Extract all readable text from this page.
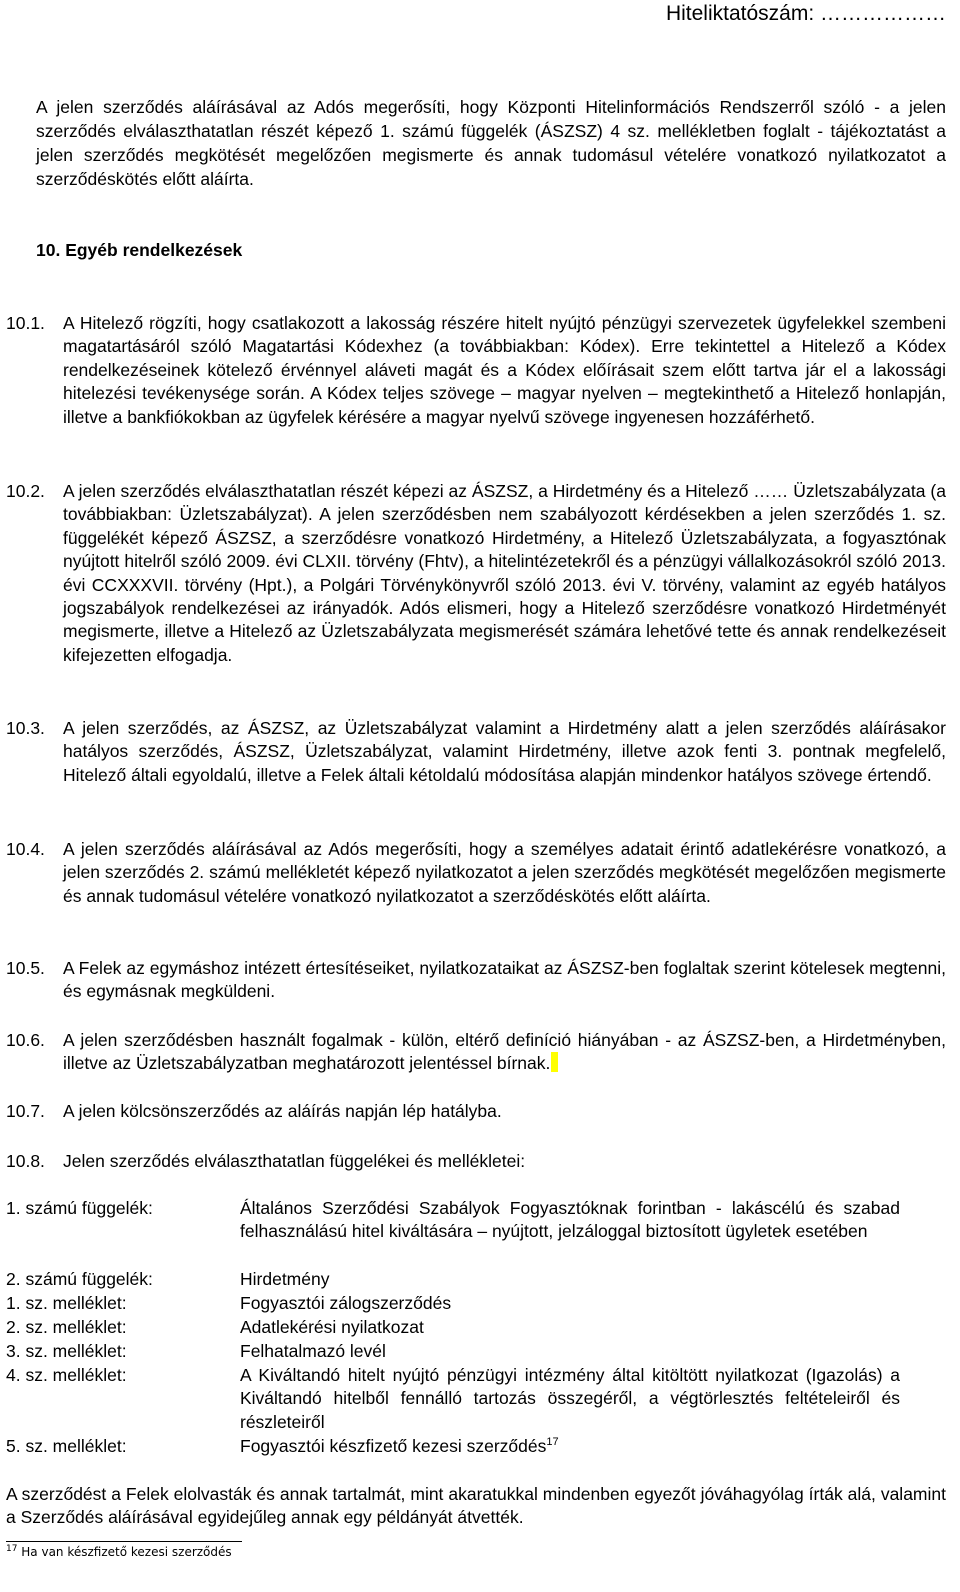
Hiteliktatószám: ………………
A jelen szerződés aláírásával az Adós megerősíti, hogy Központi Hitelinformációs Rendszerről szóló - a jelen szerződés elválaszthatatlan részét képező 1. számú függelék (ÁSZSZ) 4 sz. mellékletben foglalt - tájékoztatást a jelen szerződés megkötését megelőzően megismerte és annak tudomásul vételére vonatkozó nyilatkozatot a szerződéskötés előtt aláírta.
10. Egyéb rendelkezések
10.1.	A Hitelező rögzíti, hogy csatlakozott a lakosság részére hitelt nyújtó pénzügyi szervezetek ügyfelekkel szembeni magatartásáról szóló Magatartási Kódexhez (a továbbiakban: Kódex). Erre tekintettel a Hitelező a Kódex rendelkezéseinek kötelező érvénnyel aláveti magát és a Kódex előírásait szem előtt tartva jár el a lakossági hitelezési tevékenysége során. A Kódex teljes szövege – magyar nyelven – megtekinthető a Hitelező honlapján, illetve a bankfiókokban az ügyfelek kérésére a magyar nyelvű szövege ingyenesen hozzáférhető.
10.2.	A jelen szerződés elválaszthatatlan részét képezi az ÁSZSZ, a Hirdetmény és a Hitelező …… Üzletszabályzata (a továbbiakban: Üzletszabályzat). A jelen szerződésben nem szabályozott kérdésekben a jelen szerződés 1. sz. függelékét képező ÁSZSZ, a szerződésre vonatkozó Hirdetmény, a Hitelező Üzletszabályzata, a fogyasztónak nyújtott hitelről szóló 2009. évi CLXII. törvény (Fhtv), a hitelintézetekről és a pénzügyi vállalkozásokról szóló 2013. évi CCXXXVII. törvény (Hpt.), a Polgári Törvénykönyvről szóló 2013. évi V. törvény, valamint az egyéb hatályos jogszabályok rendelkezései az irányadók. Adós elismeri, hogy a Hitelező szerződésre vonatkozó Hirdetményét megismerte, illetve a Hitelező az Üzletszabályzata megismerését számára lehetővé tette és annak rendelkezéseit kifejezetten elfogadja.
10.3.	A jelen szerződés, az ÁSZSZ, az Üzletszabályzat valamint a Hirdetmény alatt a jelen szerződés aláírásakor hatályos szerződés, ÁSZSZ, Üzletszabályzat, valamint Hirdetmény, illetve azok fenti 3. pontnak megfelelő, Hitelező általi egyoldalú, illetve a Felek általi kétoldalú módosítása alapján mindenkor hatályos szövege értendő.
10.4.	A jelen szerződés aláírásával az Adós megerősíti, hogy a személyes adatait érintő adatlekérésre vonatkozó, a jelen szerződés 2. számú mellékletét képező nyilatkozatot a jelen szerződés megkötését megelőzően megismerte és annak tudomásul vételére vonatkozó nyilatkozatot a szerződéskötés előtt aláírta.
10.5.	A Felek az egymáshoz intézett értesítéseiket, nyilatkozataikat az ÁSZSZ-ben foglaltak szerint kötelesek megtenni, és egymásnak megküldeni.
10.6.	A jelen szerződésben használt fogalmak - külön, eltérő definíció hiányában - az ÁSZSZ-ben, a Hirdetményben, illetve az Üzletszabályzatban meghatározott jelentéssel bírnak.
10.7.	A jelen kölcsönszerződés az aláírás napján lép hatályba.
10.8.	Jelen szerződés elválaszthatatlan függelékei és mellékletei:
1. számú függelék:	Általános Szerződési Szabályok Fogyasztóknak forintban - lakáscélú és szabad felhasználású hitel kiváltására – nyújtott, jelzáloggal biztosított ügyletek esetében
2. számú függelék:	Hirdetmény
1. sz. melléklet:	Fogyasztói zálogszerződés
2. sz. melléklet:	Adatlekérési nyilatkozat
3. sz. melléklet:	Felhatalmazó levél
4. sz. melléklet:	A Kiváltandó hitelt nyújtó pénzügyi intézmény által kitöltött nyilatkozat (Igazolás) a Kiváltandó hitelből fennálló tartozás összegéről, a végtörlesztés feltételeiről és részleteiről
5. sz. melléklet:	Fogyasztói készfizető kezesi szerződés$^{17}$
A szerződést a Felek elolvasták és annak tartalmát, mint akaratukkal mindenben egyezőt jóváhagyólag írták alá, valamint a Szerződés aláírásával egyidejűleg annak egy példányát átvették.
$^{17}$ Ha van készfizető kezesi szerződés
